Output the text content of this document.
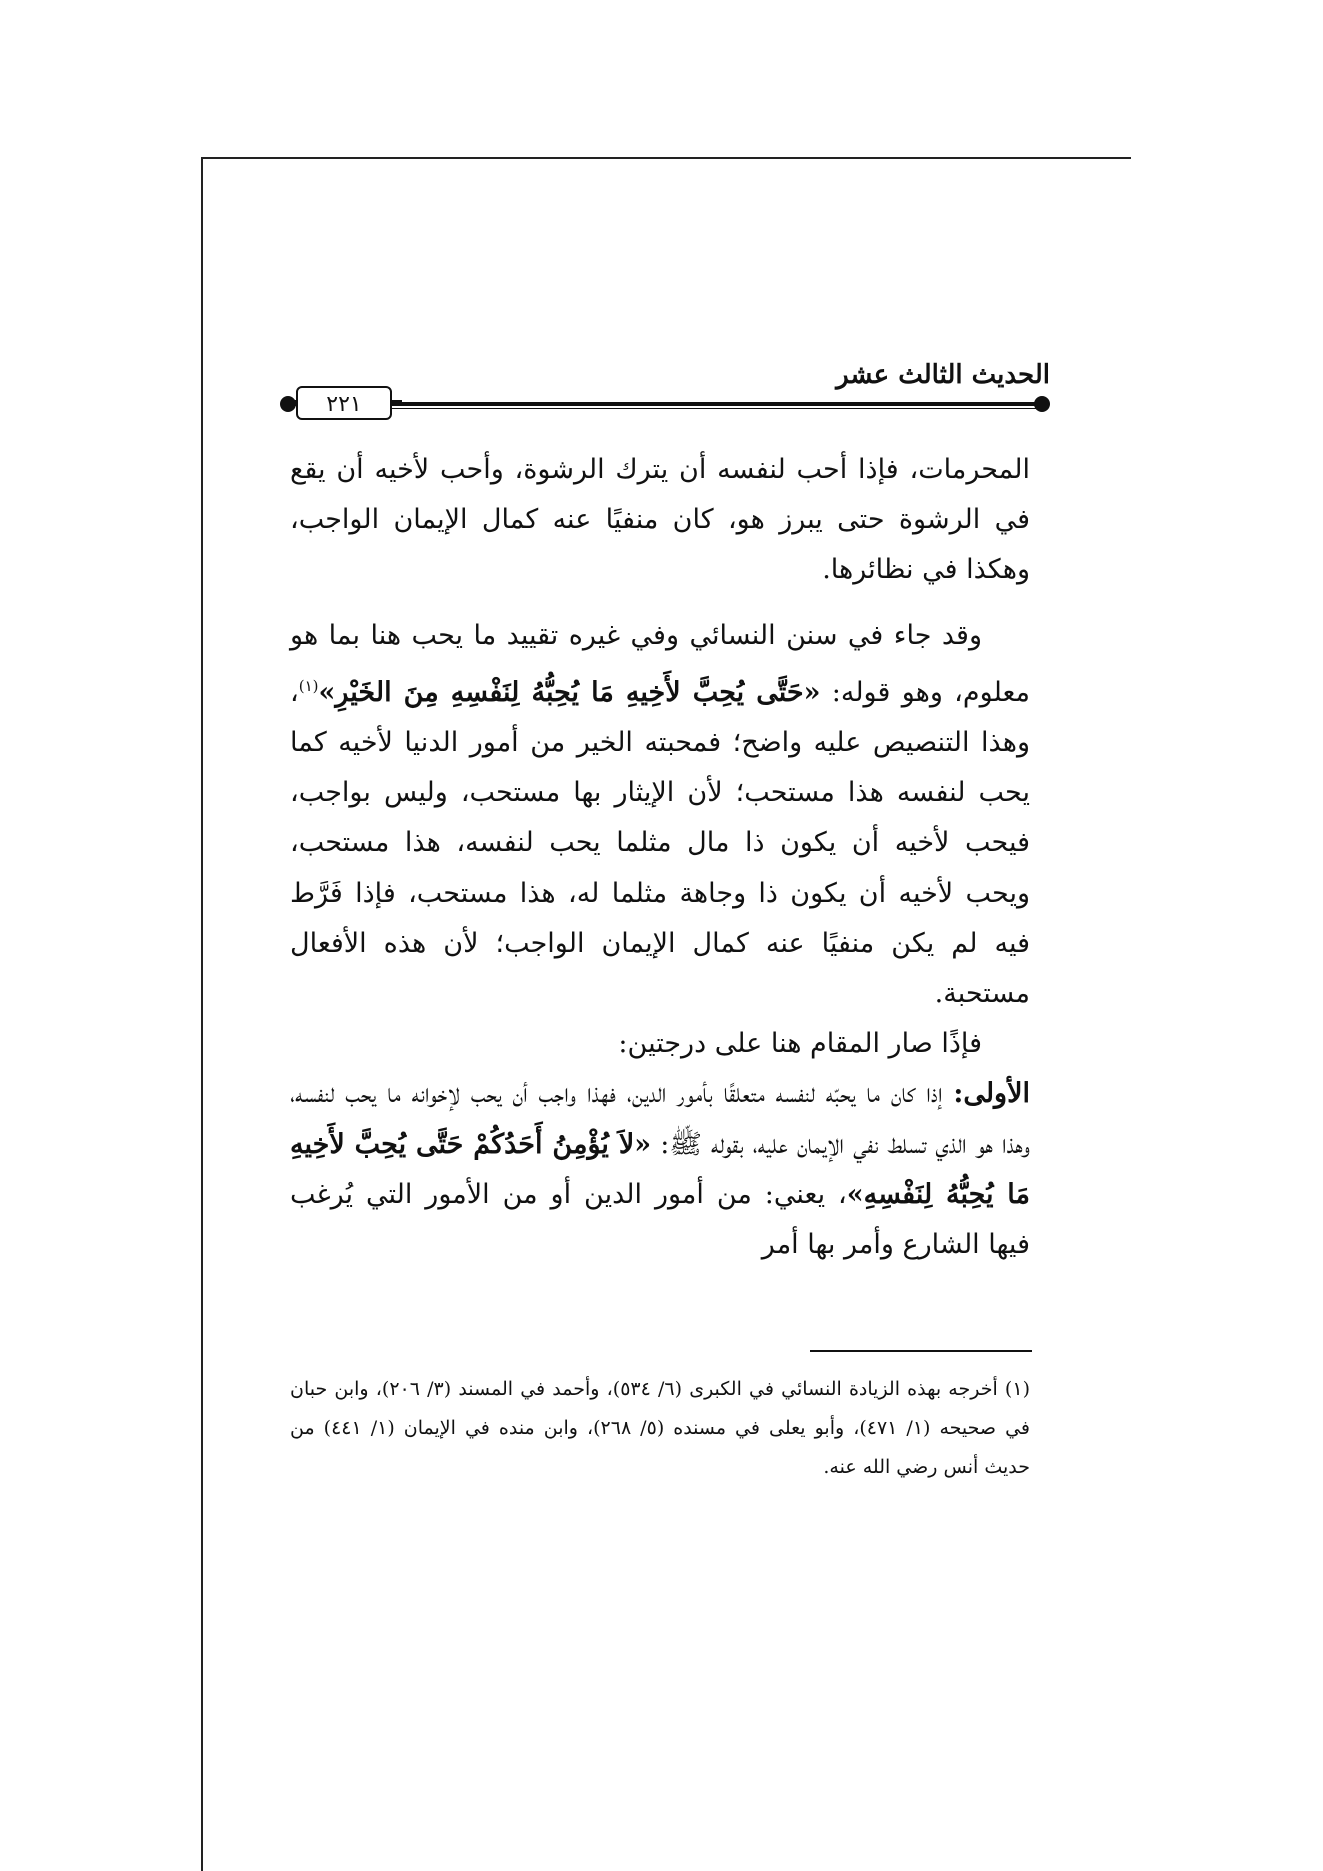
الحديث الثالث عشر
٢٢١

المحرمات، فإذا أحب لنفسه أن يترك الرشوة، وأحب لأخيه أن يقع في الرشوة حتى يبرز هو، كان منفيًا عنه كمال الإيمان الواجب، وهكذا في نظائرها.

وقد جاء في سنن النسائي وفي غيره تقييد ما يحب هنا بما هو معلوم، وهو قوله: «حَتَّى يُحِبَّ لأَخِيهِ مَا يُحِبُّهُ لِنَفْسِهِ مِنَ الخَيْرِ»$^{(١)}$، وهذا التنصيص عليه واضح؛ فمحبته الخير من أمور الدنيا لأخيه كما يحب لنفسه هذا مستحب؛ لأن الإيثار بها مستحب، وليس بواجب، فيحب لأخيه أن يكون ذا مال مثلما يحب لنفسه، هذا مستحب، ويحب لأخيه أن يكون ذا وجاهة مثلما له، هذا مستحب، فإذا فَرَّط فيه لم يكن منفيًا عنه كمال الإيمان الواجب؛ لأن هذه الأفعال مستحبة.

فإذًا صار المقام هنا على درجتين:

الأولى: إذا كان ما يحبّه لنفسه متعلقًا بأمور الدين، فهذا واجب أن يحب لإخوانه ما يحب لنفسه، وهذا هو الذي تسلط نفي الإيمان عليه، بقوله ﷺ: «لاَ يُؤْمِنُ أَحَدُكُمْ حَتَّى يُحِبَّ لأَخِيهِ مَا يُحِبُّهُ لِنَفْسِهِ»، يعني: من أمور الدين أو من الأمور التي يُرغب فيها الشارع وأمر بها أمر

(١) أخرجه بهذه الزيادة النسائي في الكبرى (٦/ ٥٣٤)، وأحمد في المسند (٣/ ٢٠٦)، وابن حبان في صحيحه (١/ ٤٧١)، وأبو يعلى في مسنده (٥/ ٢٦٨)، وابن منده في الإيمان (١/ ٤٤١) من حديث أنس رضي الله عنه.
